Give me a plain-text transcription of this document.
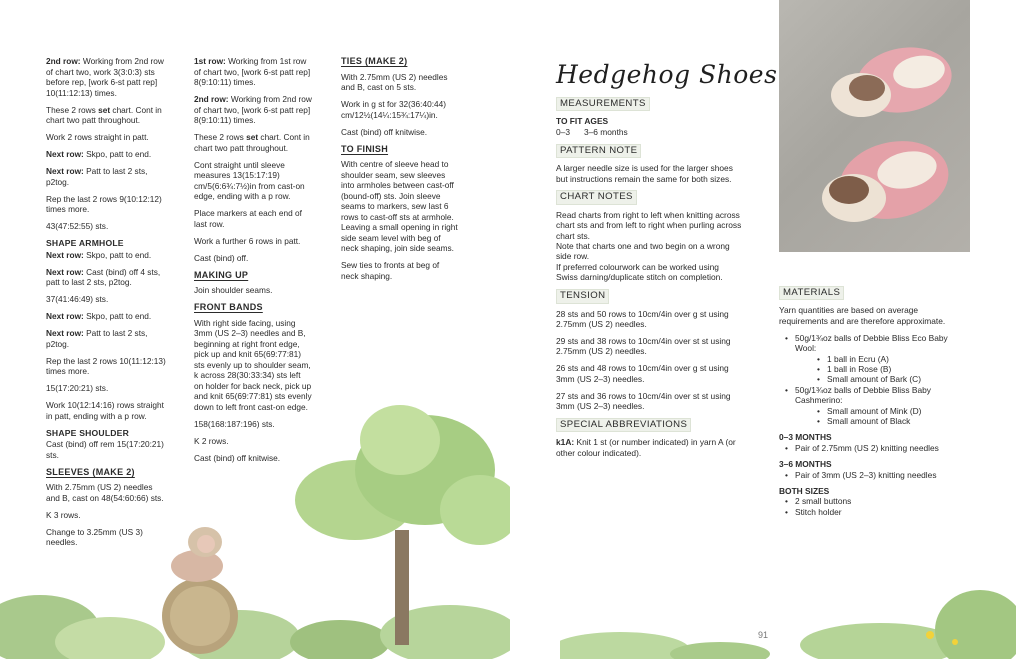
2nd row: Working from 2nd row of chart two, work 3(3:0:3) sts before rep, [work 6-st patt rep] 10(11:12:13) times.

These 2 rows set chart. Cont in chart two patt throughout.

Work 2 rows straight in patt.

Next row: Skpo, patt to end.

Next row: Patt to last 2 sts, p2tog.

Rep the last 2 rows 9(10:12:12) times more.

43(47:52:55) sts.

SHAPE ARMHOLE

Next row: Skpo, patt to end.

Next row: Cast (bind) off 4 sts, patt to last 2 sts, p2tog.

37(41:46:49) sts.

Next row: Skpo, patt to end.

Next row: Patt to last 2 sts, p2tog.

Rep the last 2 rows 10(11:12:13) times more.

15(17:20:21) sts.

Work 10(12:14:16) rows straight in patt, ending with a p row.

SHAPE SHOULDER

Cast (bind) off rem 15(17:20:21) sts.

SLEEVES (MAKE 2)

With 2.75mm (US 2) needles and B, cast on 48(54:60:66) sts.

K 3 rows.

Change to 3.25mm (US 3) needles.

1st row: Working from 1st row of chart two, [work 6-st patt rep] 8(9:10:11) times.

2nd row: Working from 2nd row of chart two, [work 6-st patt rep] 8(9:10:11) times.

These 2 rows set chart. Cont in chart two patt throughout.

Cont straight until sleeve measures 13(15:17:19) cm/5(6:6¾:7½)in from cast-on edge, ending with a p row.

Place markers at each end of last row.

Work a further 6 rows in patt.

Cast (bind) off.

MAKING UP

Join shoulder seams.

FRONT BANDS

With right side facing, using 3mm (US 2–3) needles and B, beginning at right front edge, pick up and knit 65(69:77:81) sts evenly up to shoulder seam, k across 28(30:33:34) sts left on holder for back neck, pick up and knit 65(69:77:81) sts evenly down to left front cast-on edge.

158(168:187:196) sts.

K 2 rows.

Cast (bind) off knitwise.

TIES (MAKE 2)

With 2.75mm (US 2) needles and B, cast on 5 sts.

Work in g st for 32(36:40:44) cm/12½(14¼:15¾:17¼)in.

Cast (bind) off knitwise.

TO FINISH

With centre of sleeve head to shoulder seam, sew sleeves into armholes between cast-off (bound-off) sts. Join sleeve seams to markers, sew last 6 rows to cast-off sts at armhole. Leaving a small opening in right side seam level with beg of neck shaping, join side seams.

Sew ties to fronts at beg of neck shaping.

Hedgehog Shoes
MEASUREMENTS
TO FIT AGES

0–3 3–6 months

PATTERN NOTE

A larger needle size is used for the larger shoes but instructions remain the same for both sizes.

CHART NOTES
Read charts from right to left when knitting across chart sts and from left to right when purling across chart sts.
Note that charts one and two begin on a wrong side row.

If preferred colourwork can be worked using Swiss darning/duplicate stitch on completion.

TENSION

28 sts and 50 rows to 10cm/4in over g st using 2.75mm (US 2) needles.

29 sts and 38 rows to 10cm/4in over st st using 2.75mm (US 2) needles.

26 sts and 48 rows to 10cm/4in over g st using 3mm (US 2–3) needles.

27 sts and 36 rows to 10cm/4in over st st using 3mm (US 2–3) needles.

SPECIAL ABBREVIATIONS

k1A: Knit 1 st (or number indicated) in yarn A (or other colour indicated).

MATERIALS

Yarn quantities are based on average requirements and are therefore approximate.

• 50g/1¾oz balls of Debbie Bliss Eco Baby Wool:
• 1 ball in Ecru (A)
• 1 ball in Rose (B)
• Small amount of Bark (C)
• 50g/1¾oz balls of Debbie Bliss Baby Cashmerino:
• Small amount of Mink (D)
• Small amount of Black
0–3 MONTHS
• Pair of 2.75mm (US 2) knitting needles
3–6 MONTHS
• Pair of 3mm (US 2–3) knitting needles
BOTH SIZES
• 2 small buttons
• Stitch holder
91
